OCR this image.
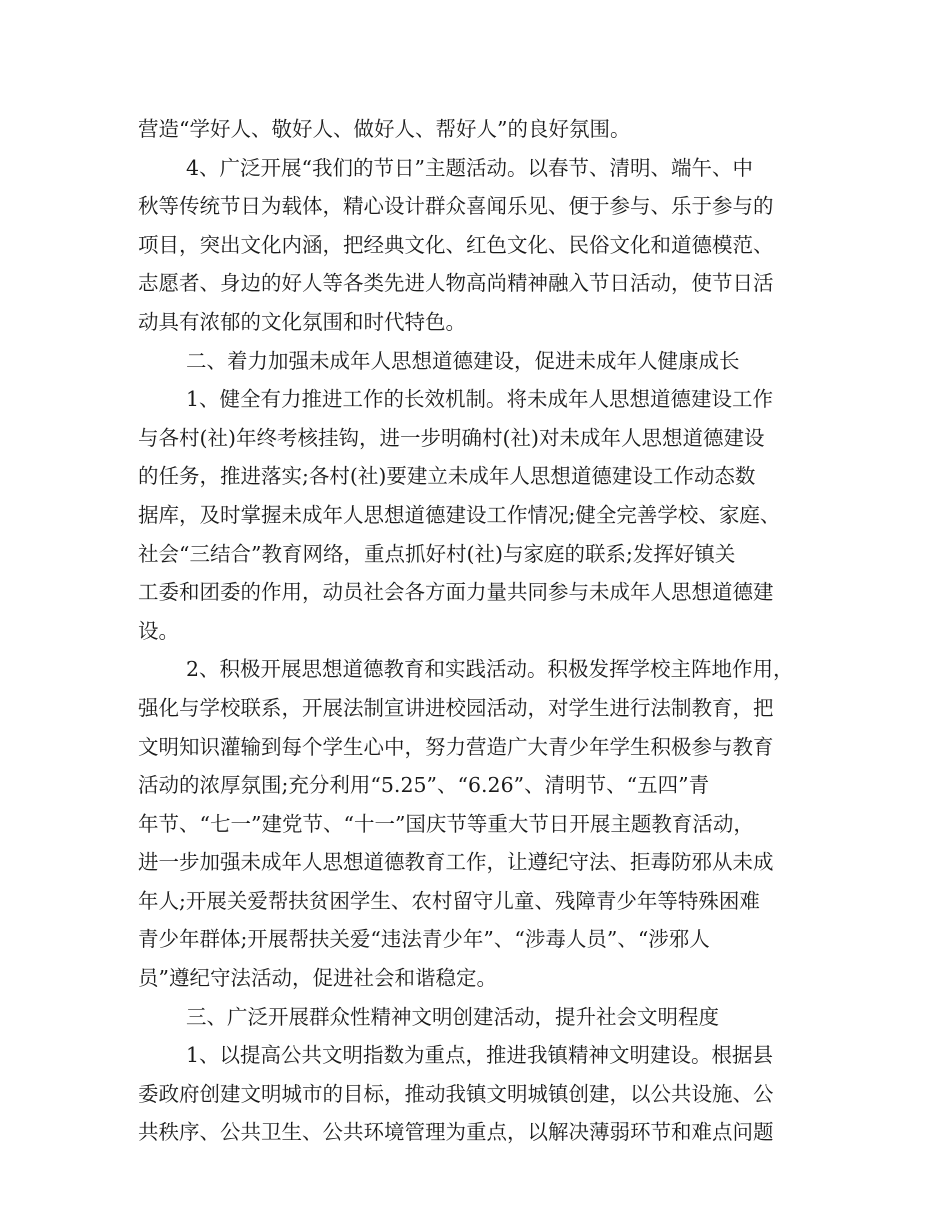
营造“学好人、敬好人、做好人、帮好人”的良好氛围。
4、广泛开展“我们的节日”主题活动。以春节、清明、端午、中
秋等传统节日为载体，精心设计群众喜闻乐见、便于参与、乐于参与的
项目，突出文化内涵，把经典文化、红色文化、民俗文化和道德模范、
志愿者、身边的好人等各类先进人物高尚精神融入节日活动，使节日活
动具有浓郁的文化氛围和时代特色。
二、着力加强未成年人思想道德建设，促进未成年人健康成长
1、健全有力推进工作的长效机制。将未成年人思想道德建设工作
与各村(社)年终考核挂钩，进一步明确村(社)对未成年人思想道德建设
的任务，推进落实;各村(社)要建立未成年人思想道德建设工作动态数
据库，及时掌握未成年人思想道德建设工作情况;健全完善学校、家庭、
社会“三结合”教育网络，重点抓好村(社)与家庭的联系;发挥好镇关
工委和团委的作用，动员社会各方面力量共同参与未成年人思想道德建
设。
2、积极开展思想道德教育和实践活动。积极发挥学校主阵地作用，
强化与学校联系，开展法制宣讲进校园活动，对学生进行法制教育，把
文明知识灌输到每个学生心中，努力营造广大青少年学生积极参与教育
活动的浓厚氛围;充分利用“5.25”、“6.26”、清明节、“五四”青
年节、“七一”建党节、“十一”国庆节等重大节日开展主题教育活动，
进一步加强未成年人思想道德教育工作，让遵纪守法、拒毒防邪从未成
年人;开展关爱帮扶贫困学生、农村留守儿童、残障青少年等特殊困难
青少年群体;开展帮扶关爱“违法青少年”、“涉毒人员”、“涉邪人
员”遵纪守法活动，促进社会和谐稳定。
三、广泛开展群众性精神文明创建活动，提升社会文明程度
1、以提高公共文明指数为重点，推进我镇精神文明建设。根据县
委政府创建文明城市的目标，推动我镇文明城镇创建，以公共设施、公
共秩序、公共卫生、公共环境管理为重点，以解决薄弱环节和难点问题
